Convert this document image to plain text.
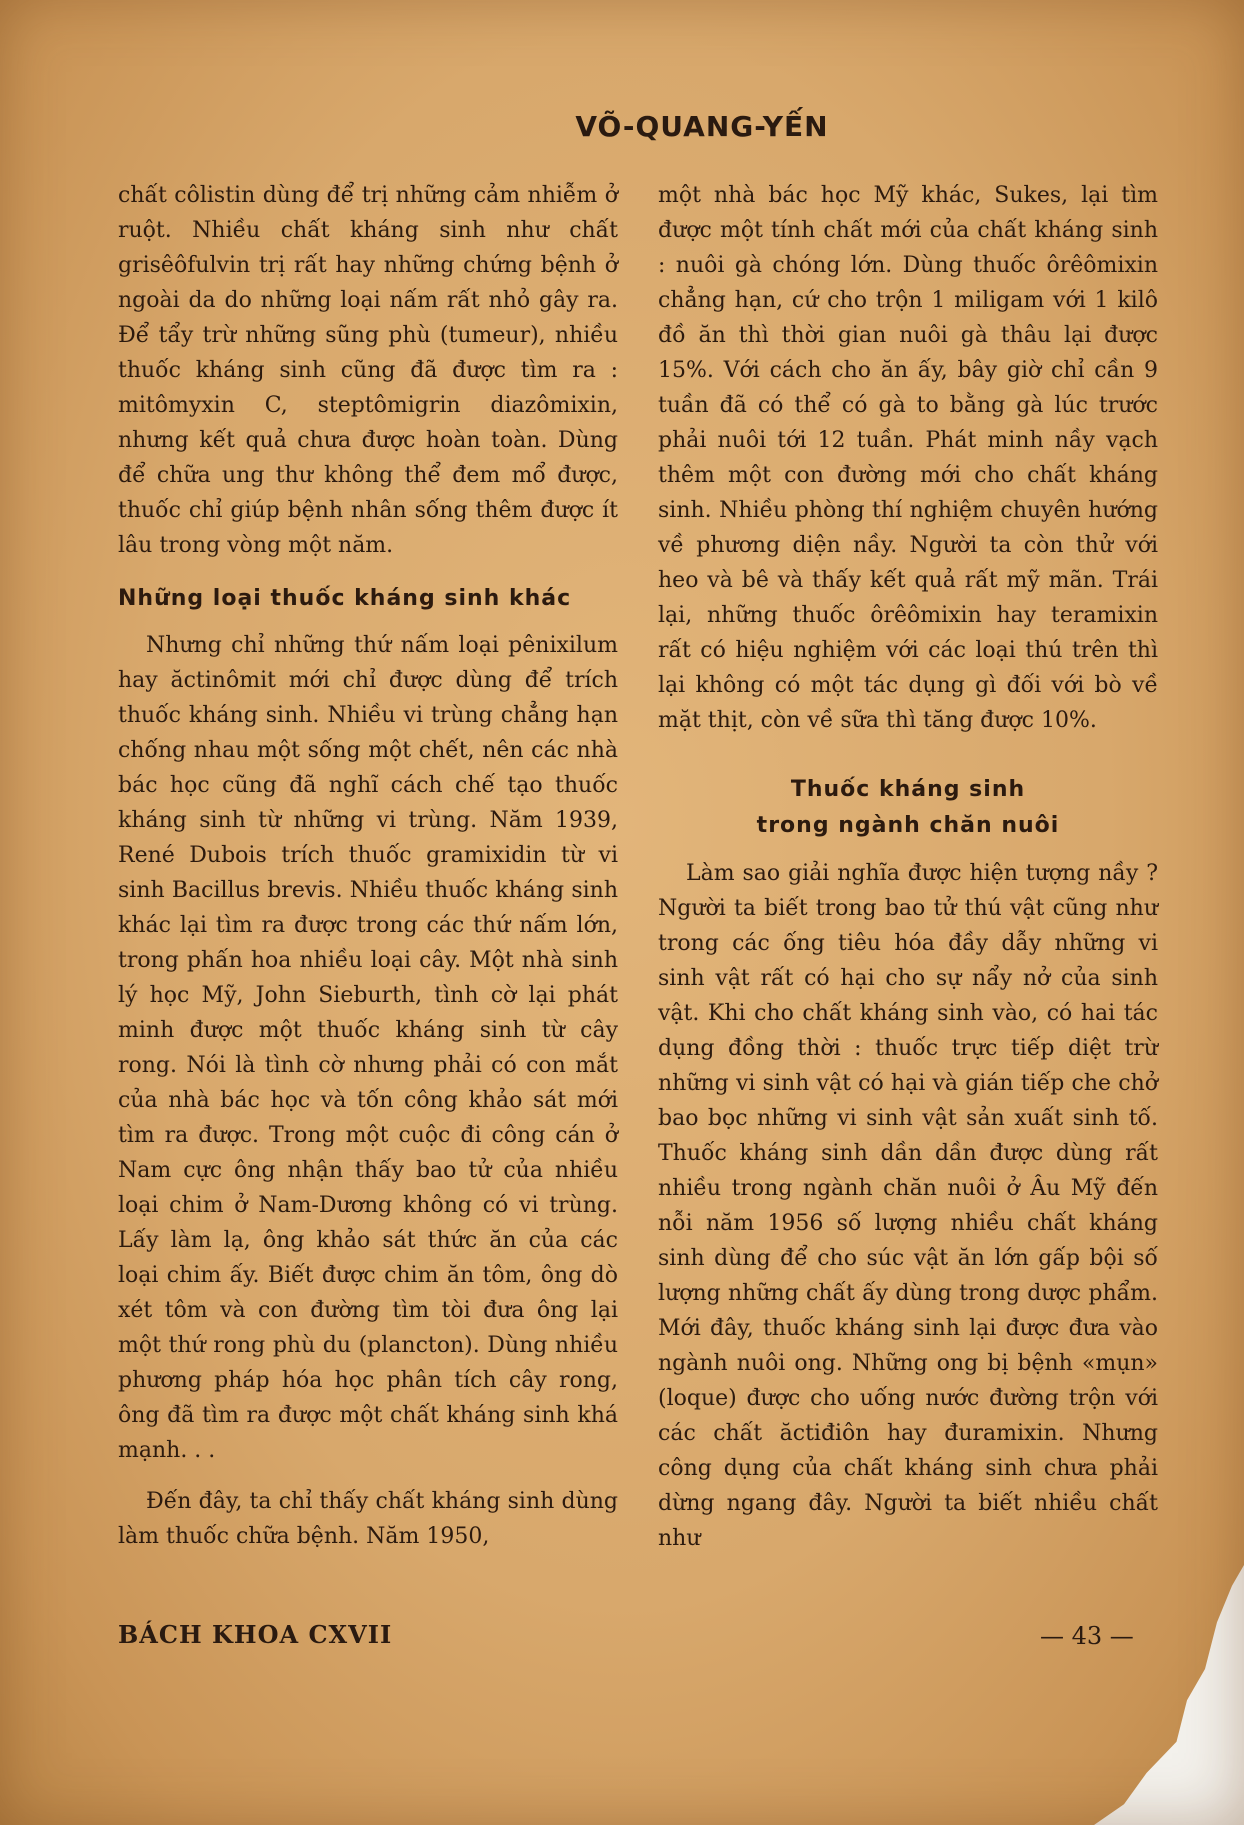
VÕ-QUANG-YẾN

chất côlistin dùng để trị những cảm nhiễm ở ruột. Nhiều chất kháng sinh như chất grisêôfulvin trị rất hay những chứng bệnh ở ngoài da do những loại nấm rất nhỏ gây ra. Để tẩy trừ những sũng phù (tumeur), nhiều thuốc kháng sinh cũng đã được tìm ra : mitômyxin C, steptômigrin diazômixin, nhưng kết quả chưa được hoàn toàn. Dùng để chữa ung thư không thể đem mổ được, thuốc chỉ giúp bệnh nhân sống thêm được ít lâu trong vòng một năm.

Những loại thuốc kháng sinh khác

Nhưng chỉ những thứ nấm loại pênixilum hay ăctinômit mới chỉ được dùng để trích thuốc kháng sinh. Nhiều vi trùng chẳng hạn chống nhau một sống một chết, nên các nhà bác học cũng đã nghĩ cách chế tạo thuốc kháng sinh từ những vi trùng. Năm 1939, René Dubois trích thuốc gramixidin từ vi sinh Bacillus brevis. Nhiều thuốc kháng sinh khác lại tìm ra được trong các thứ nấm lớn, trong phấn hoa nhiều loại cây. Một nhà sinh lý học Mỹ, John Sieburth, tình cờ lại phát minh được một thuốc kháng sinh từ cây rong. Nói là tình cờ nhưng phải có con mắt của nhà bác học và tốn công khảo sát mới tìm ra được. Trong một cuộc đi công cán ở Nam cực ông nhận thấy bao tử của nhiều loại chim ở Nam-Dương không có vi trùng. Lấy làm lạ, ông khảo sát thức ăn của các loại chim ấy. Biết được chim ăn tôm, ông dò xét tôm và con đường tìm tòi đưa ông lại một thứ rong phù du (plancton). Dùng nhiều phương pháp hóa học phân tích cây rong, ông đã tìm ra được một chất kháng sinh khá mạnh. . .

Đến đây, ta chỉ thấy chất kháng sinh dùng làm thuốc chữa bệnh. Năm 1950,

một nhà bác học Mỹ khác, Sukes, lại tìm được một tính chất mới của chất kháng sinh : nuôi gà chóng lớn. Dùng thuốc ôrêômixin chẳng hạn, cứ cho trộn 1 miligam với 1 kilô đồ ăn thì thời gian nuôi gà thâu lại được 15%. Với cách cho ăn ấy, bây giờ chỉ cần 9 tuần đã có thể có gà to bằng gà lúc trước phải nuôi tới 12 tuần. Phát minh nầy vạch thêm một con đường mới cho chất kháng sinh. Nhiều phòng thí nghiệm chuyên hướng về phương diện nầy. Người ta còn thử với heo và bê và thấy kết quả rất mỹ mãn. Trái lại, những thuốc ôrêômixin hay teramixin rất có hiệu nghiệm với các loại thú trên thì lại không có một tác dụng gì đối với bò về mặt thịt, còn về sữa thì tăng được 10%.

Thuốc kháng sinh
trong ngành chăn nuôi

Làm sao giải nghĩa được hiện tượng nầy ? Người ta biết trong bao tử thú vật cũng như trong các ống tiêu hóa đầy dẫy những vi sinh vật rất có hại cho sự nẩy nở của sinh vật. Khi cho chất kháng sinh vào, có hai tác dụng đồng thời : thuốc trực tiếp diệt trừ những vi sinh vật có hại và gián tiếp che chở bao bọc những vi sinh vật sản xuất sinh tố. Thuốc kháng sinh dần dần được dùng rất nhiều trong ngành chăn nuôi ở Âu Mỹ đến nỗi năm 1956 số lượng nhiều chất kháng sinh dùng để cho súc vật ăn lớn gấp bội số lượng những chất ấy dùng trong dược phẩm. Mới đây, thuốc kháng sinh lại được đưa vào ngành nuôi ong. Những ong bị bệnh «mụn» (loque) được cho uống nước đường trộn với các chất ăctiđiôn hay đuramixin. Nhưng công dụng của chất kháng sinh chưa phải dừng ngang đây. Người ta biết nhiều chất như

BÁCH KHOA CXVII	— 43 —
